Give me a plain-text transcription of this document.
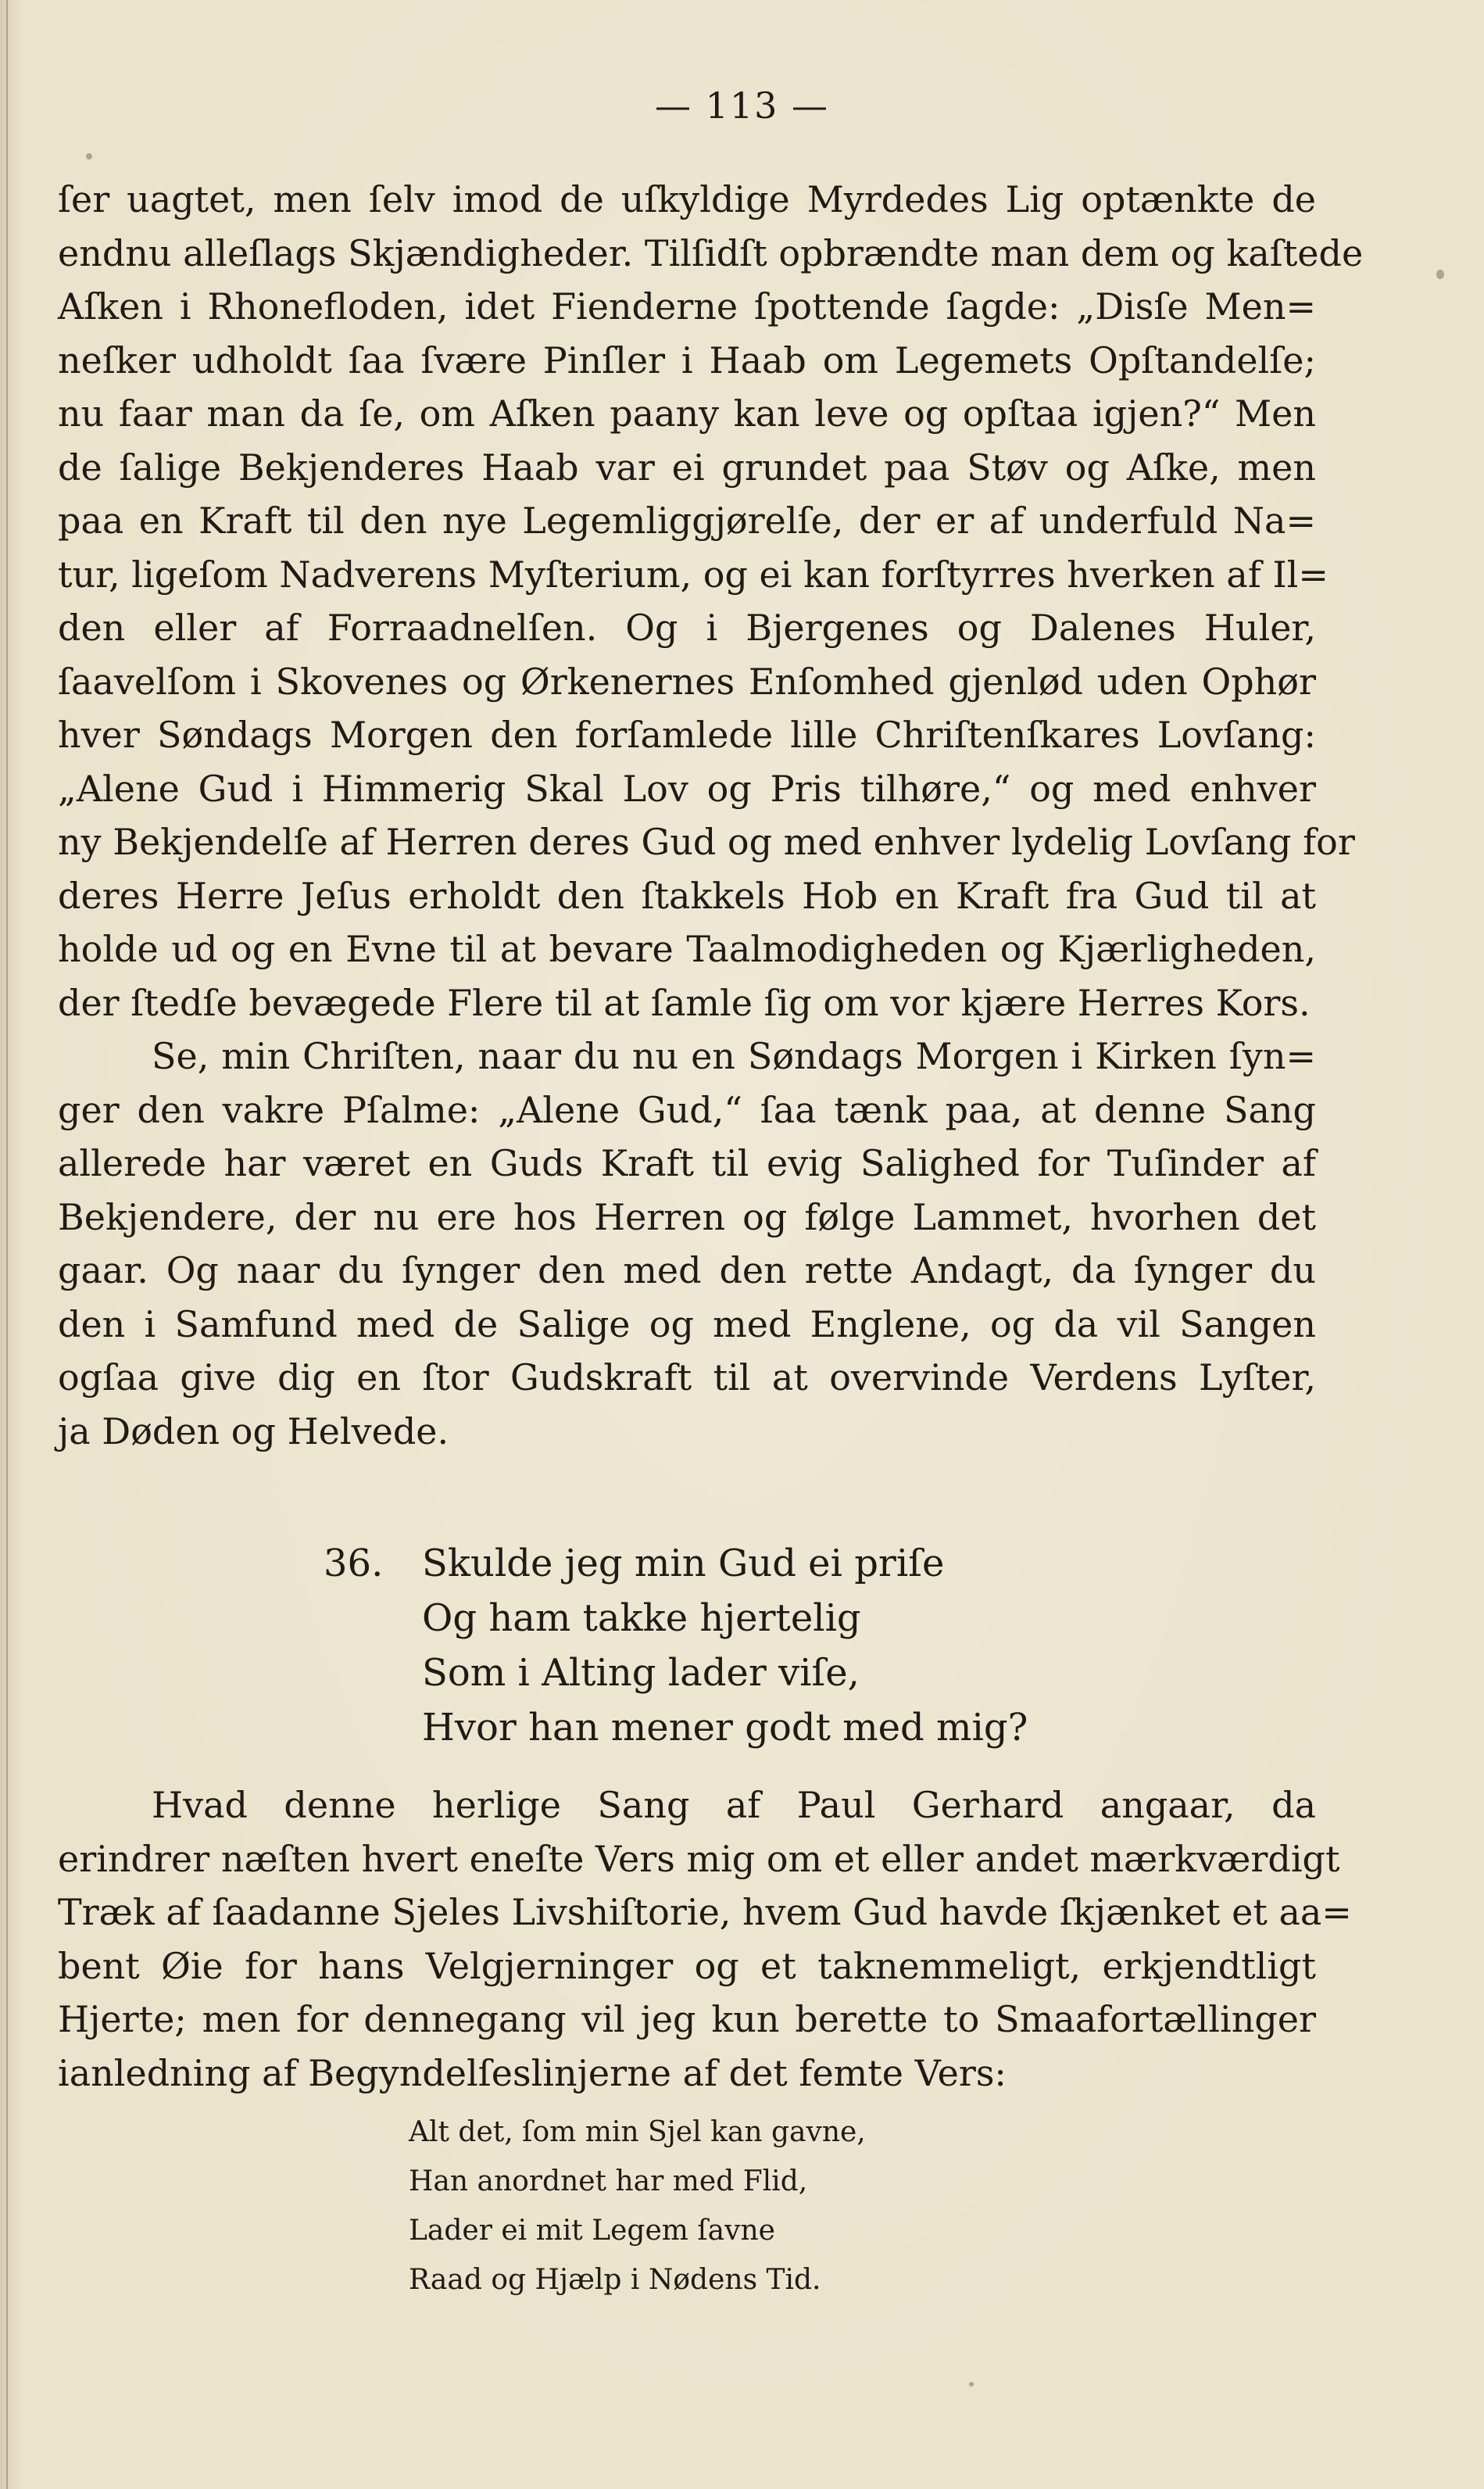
— 113 —

ſer uagtet, men ſelv imod de uſkyldige Myrdedes Lig optænkte de
endnu alleſlags Skjændigheder. Tilſidſt opbrændte man dem og kaſtede
Aſken i Rhonefloden, idet Fienderne ſpottende ſagde: „Disſe Men=
neſker udholdt ſaa ſvære Pinſler i Haab om Legemets Opſtandelſe;
nu faar man da ſe, om Aſken paany kan leve og opſtaa igjen?“ Men
de ſalige Bekjenderes Haab var ei grundet paa Støv og Aſke, men
paa en Kraft til den nye Legemliggjørelſe, der er af underfuld Na=
tur, ligeſom Nadverens Myſterium, og ei kan forſtyrres hverken af Il=
den eller af Forraadnelſen. Og i Bjergenes og Dalenes Huler,
ſaavelſom i Skovenes og Ørkenernes Enſomhed gjenlød uden Ophør
hver Søndags Morgen den forſamlede lille Chriſtenſkares Lovſang:
„Alene Gud i Himmerig Skal Lov og Pris tilhøre,“ og med enhver
ny Bekjendelſe af Herren deres Gud og med enhver lydelig Lovſang for
deres Herre Jeſus erholdt den ſtakkels Hob en Kraft fra Gud til at
holde ud og en Evne til at bevare Taalmodigheden og Kjærligheden,
der ſtedſe bevægede Flere til at ſamle ſig om vor kjære Herres Kors.

Se, min Chriſten, naar du nu en Søndags Morgen i Kirken ſyn=
ger den vakre Pſalme: „Alene Gud,“ ſaa tænk paa, at denne Sang
allerede har været en Guds Kraft til evig Salighed for Tuſinder af
Bekjendere, der nu ere hos Herren og følge Lammet, hvorhen det
gaar. Og naar du ſynger den med den rette Andagt, da ſynger du
den i Samfund med de Salige og med Englene, og da vil Sangen
ogſaa give dig en ſtor Gudskraft til at overvinde Verdens Lyſter,
ja Døden og Helvede.

36.	Skulde jeg min Gud ei priſe
Og ham takke hjertelig
Som i Alting lader viſe,
Hvor han mener godt med mig?

Hvad denne herlige Sang af Paul Gerhard angaar, da
erindrer næſten hvert eneſte Vers mig om et eller andet mærkværdigt
Træk af ſaadanne Sjeles Livshiſtorie, hvem Gud havde ſkjænket et aa=
bent Øie for hans Velgjerninger og et taknemmeligt, erkjendtligt
Hjerte; men for dennegang vil jeg kun berette to Smaafortællinger
ianledning af Begyndelſeslinjerne af det femte Vers:

Alt det, ſom min Sjel kan gavne,
Han anordnet har med Flid,
Lader ei mit Legem ſavne
Raad og Hjælp i Nødens Tid.
